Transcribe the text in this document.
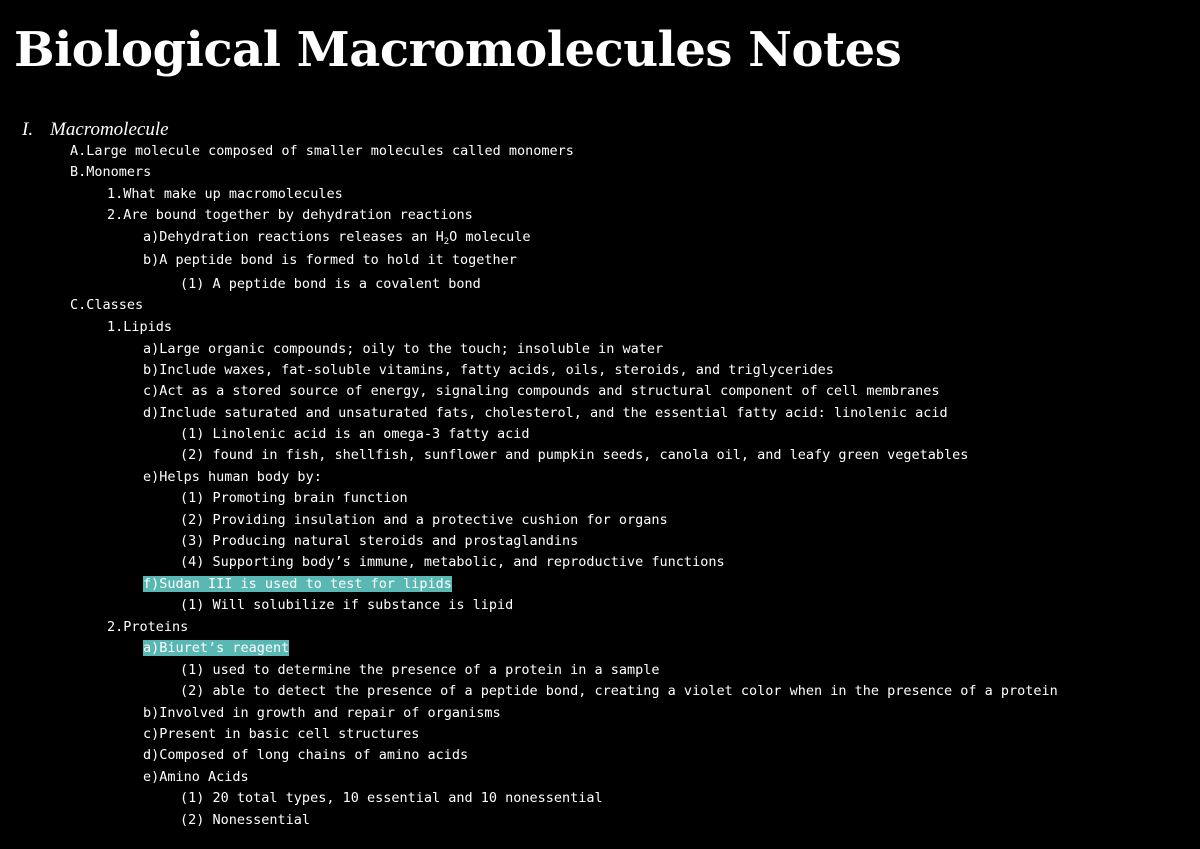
Biological Macromolecules Notes
I. Macromolecule
A.Large molecule composed of smaller molecules called monomers
B.Monomers
1.What make up macromolecules
2.Are bound together by dehydration reactions
a)Dehydration reactions releases an $H_2O$ molecule
b)A peptide bond is formed to hold it together
(1) A peptide bond is a covalent bond
C.Classes
1.Lipids
a)Large organic compounds; oily to the touch; insoluble in water
b)Include waxes, fat-soluble vitamins, fatty acids, oils, steroids, and triglycerides
c)Act as a stored source of energy, signaling compounds and structural component of cell membranes
d)Include saturated and unsaturated fats, cholesterol, and the essential fatty acid: linolenic acid
(1) Linolenic acid is an omega-3 fatty acid
(2) found in fish, shellfish, sunflower and pumpkin seeds, canola oil, and leafy green vegetables
e)Helps human body by:
(1) Promoting brain function
(2) Providing insulation and a protective cushion for organs
(3) Producing natural steroids and prostaglandins
(4) Supporting body’s immune, metabolic, and reproductive functions
f)Sudan III is used to test for lipids
(1) Will solubilize if substance is lipid
2.Proteins
a)Biuret’s reagent
(1) used to determine the presence of a protein in a sample
(2) able to detect the presence of a peptide bond, creating a violet color when in the presence of a protein
b)Involved in growth and repair of organisms
c)Present in basic cell structures
d)Composed of long chains of amino acids
e)Amino Acids
(1) 20 total types, 10 essential and 10 nonessential
(2) Nonessential
